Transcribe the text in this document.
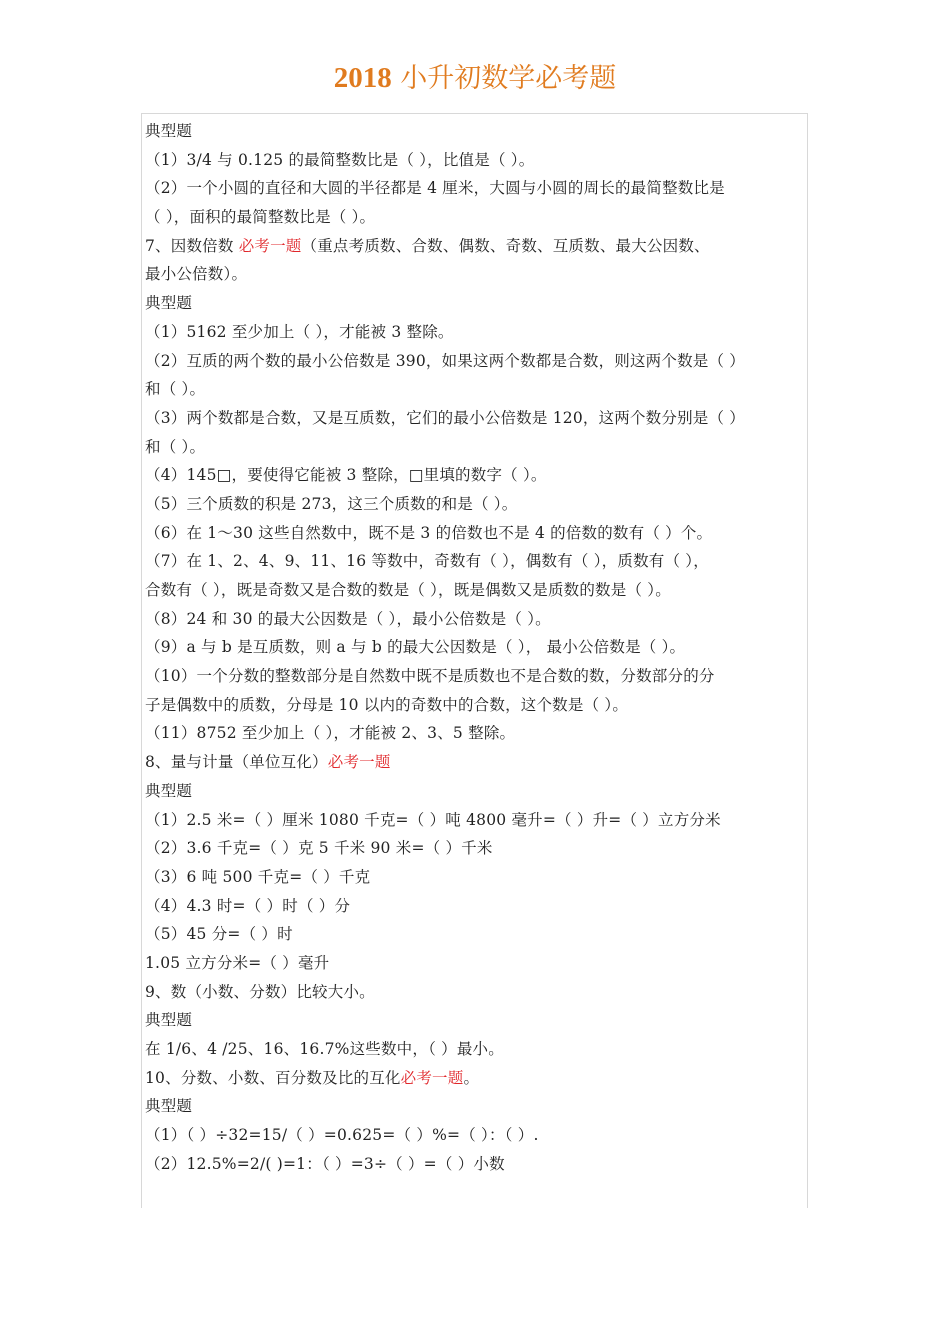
2018 小升初数学必考题
典型题
（1）3/4 与 0.125 的最简整数比是（ ），比值是（ ）。
（2）一个小圆的直径和大圆的半径都是 4 厘米，大圆与小圆的周长的最简整数比是
（ ），面积的最简整数比是（ ）。
7、因数倍数 必考一题（重点考质数、合数、偶数、奇数、互质数、最大公因数、
最小公倍数）。
典型题
（1）5162 至少加上（ ），才能被 3 整除。
（2）互质的两个数的最小公倍数是 390，如果这两个数都是合数，则这两个数是（ ）
和（ ）。
（3）两个数都是合数，又是互质数，它们的最小公倍数是 120，这两个数分别是（ ）
和（ ）。
（4）145□，要使得它能被 3 整除，□里填的数字（ ）。
（5）三个质数的积是 273，这三个质数的和是（ ）。
（6）在 1～30 这些自然数中，既不是 3 的倍数也不是 4 的倍数的数有（ ）个。
（7）在 1、2、4、9、11、16 等数中，奇数有（ ），偶数有（ ），质数有（ ），
合数有（ ），既是奇数又是合数的数是（ ），既是偶数又是质数的数是（ ）。
（8）24 和 30 的最大公因数是（ ），最小公倍数是（ ）。
（9）a 与 b 是互质数，则 a 与 b 的最大公因数是（ ）， 最小公倍数是（ ）。
（10）一个分数的整数部分是自然数中既不是质数也不是合数的数，分数部分的分
子是偶数中的质数，分母是 10 以内的奇数中的合数，这个数是（ ）。
（11）8752 至少加上（ ），才能被 2、3、5 整除。
8、量与计量（单位互化）必考一题
典型题
（1）2.5 米=（ ）厘米 1080 千克=（ ）吨 4800 毫升=（ ）升=（ ）立方分米
（2）3.6 千克=（ ）克 5 千米 90 米=（ ）千米
（3）6 吨 500 千克=（ ）千克
（4）4.3 时=（ ）时（ ）分
（5）45 分=（ ）时
1.05 立方分米=（ ）毫升
9、数（小数、分数）比较大小。
典型题
在 1/6、4 /25、16、16.7%这些数中，（ ）最小。
10、分数、小数、百分数及比的互化必考一题。
典型题
（1）（ ）÷32=15/（ ）=0.625=（ ）%=（ ）：（ ）.
（2）12.5%=2/( )=1：（ ）=3÷（ ）=（ ）小数
